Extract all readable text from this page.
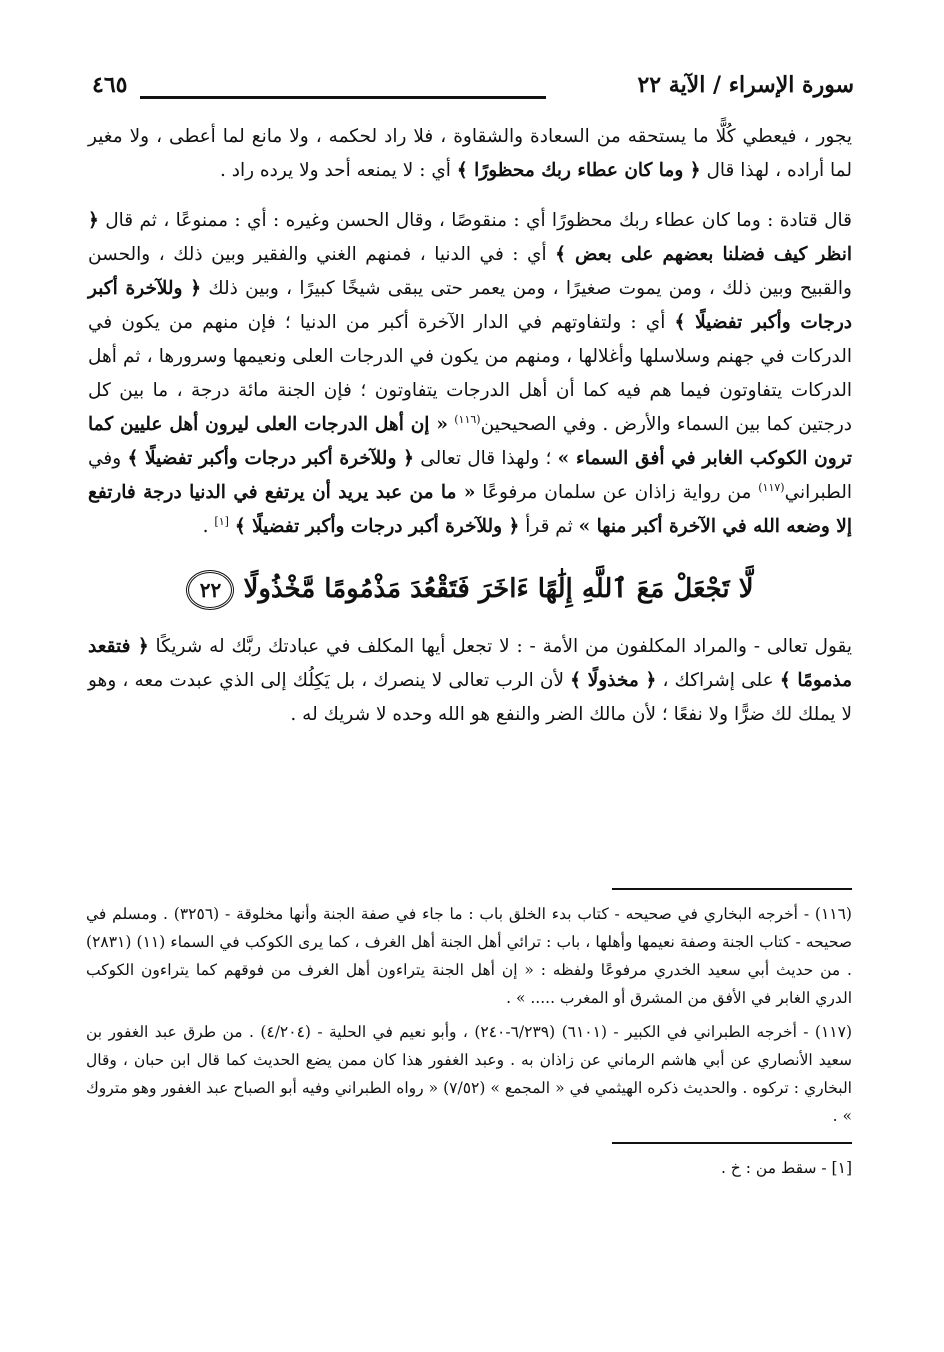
سورة الإسراء / الآية ٢٢
٤٦٥

يجور ، فيعطي كُلًّا ما يستحقه من السعادة والشقاوة ، فلا راد لحكمه ، ولا مانع لما أعطى ، ولا مغير لما أراده ، لهذا قال ﴿ وما كان عطاء ربك محظورًا ﴾ أي : لا يمنعه أحد ولا يرده راد .

قال قتادة : وما كان عطاء ربك محظورًا أي : منقوصًا ، وقال الحسن وغيره : أي : ممنوعًا ، ثم قال ﴿ انظر كيف فضلنا بعضهم على بعض ﴾ أي : في الدنيا ، فمنهم الغني والفقير وبين ذلك ، والحسن والقبيح وبين ذلك ، ومن يموت صغيرًا ، ومن يعمر حتى يبقى شيخًا كبيرًا ، وبين ذلك ﴿ وللآخرة أكبر درجات وأكبر تفضيلًا ﴾ أي : ولتفاوتهم في الدار الآخرة أكبر من الدنيا ؛ فإن منهم من يكون في الدركات في جهنم وسلاسلها وأغلالها ، ومنهم من يكون في الدرجات العلى ونعيمها وسرورها ، ثم أهل الدركات يتفاوتون فيما هم فيه كما أن أهل الدرجات يتفاوتون ؛ فإن الجنة مائة درجة ، ما بين كل درجتين كما بين السماء والأرض . وفي الصحيحين$^{(١١٦)}$ « إن أهل الدرجات العلى ليرون أهل عليين كما ترون الكوكب الغابر في أفق السماء » ؛ ولهذا قال تعالى ﴿ وللآخرة أكبر درجات وأكبر تفضيلًا ﴾ وفي الطبراني$^{(١١٧)}$ من رواية زاذان عن سلمان مرفوعًا « ما من عبد يريد أن يرتفع في الدنيا درجة فارتفع إلا وضعه الله في الآخرة أكبر منها » ثم قرأ ﴿ وللآخرة أكبر درجات وأكبر تفضيلًا ﴾ [١] .

لَّا تَجْعَلْ مَعَ ٱللَّهِ إِلَٰهًا ءَاخَرَ فَتَقْعُدَ مَذْمُومًا مَّخْذُولًا ٢٢

يقول تعالى - والمراد المكلفون من الأمة - : لا تجعل أيها المكلف في عبادتك ربَّك له شريكًا ﴿ فتقعد مذمومًا ﴾ على إشراكك ، ﴿ مخذولًا ﴾ لأن الرب تعالى لا ينصرك ، بل يَكِلُك إلى الذي عبدت معه ، وهو لا يملك لك ضرًّا ولا نفعًا ؛ لأن مالك الضر والنفع هو الله وحده لا شريك له .

(١١٦) - أخرجه البخاري في صحيحه - كتاب بدء الخلق باب : ما جاء في صفة الجنة وأنها مخلوقة - (٣٢٥٦) . ومسلم في صحيحه - كتاب الجنة وصفة نعيمها وأهلها ، باب : ترائي أهل الجنة أهل الغرف ، كما يرى الكوكب في السماء (١١) (٢٨٣١) . من حديث أبي سعيد الخدري مرفوعًا ولفظه : « إن أهل الجنة يتراءون أهل الغرف من فوقهم كما يتراءون الكوكب الدري الغابر في الأفق من المشرق أو المغرب ..... » .

(١١٧) - أخرجه الطبراني في الكبير - (٦١٠١) (٦/٢٣٩-٢٤٠) ، وأبو نعيم في الحلية - (٤/٢٠٤) . من طرق عبد الغفور بن سعيد الأنصاري عن أبي هاشم الرماني عن زاذان به . وعبد الغفور هذا كان ممن يضع الحديث كما قال ابن حبان ، وقال البخاري : تركوه . والحديث ذكره الهيثمي في « المجمع » (٧/٥٢) « رواه الطبراني وفيه أبو الصباح عبد الغفور وهو متروك » .

[١] - سقط من : خ .
